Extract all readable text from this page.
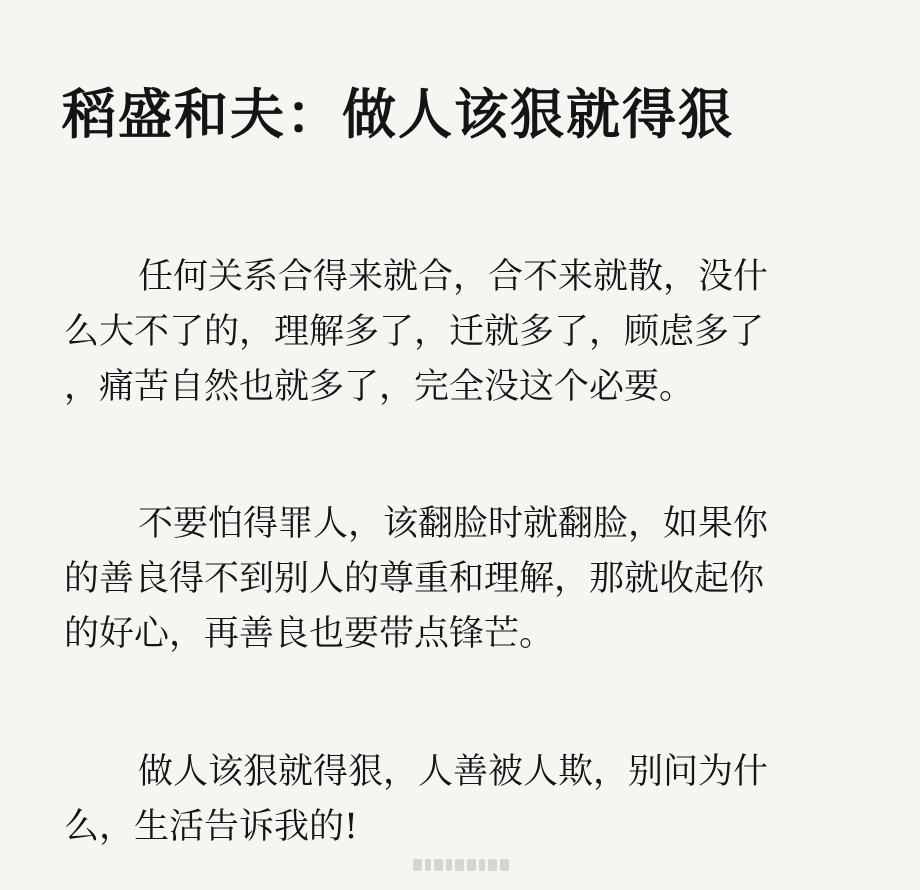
稻盛和夫：做人该狠就得狠
任何关系合得来就合，合不来就散，没什
么大不了的，理解多了，迁就多了，顾虑多了
，痛苦自然也就多了，完全没这个必要。
不要怕得罪人，该翻脸时就翻脸，如果你
的善良得不到别人的尊重和理解，那就收起你
的好心，再善良也要带点锋芒。
做人该狠就得狠，人善被人欺，别问为什
么，生活告诉我的!
